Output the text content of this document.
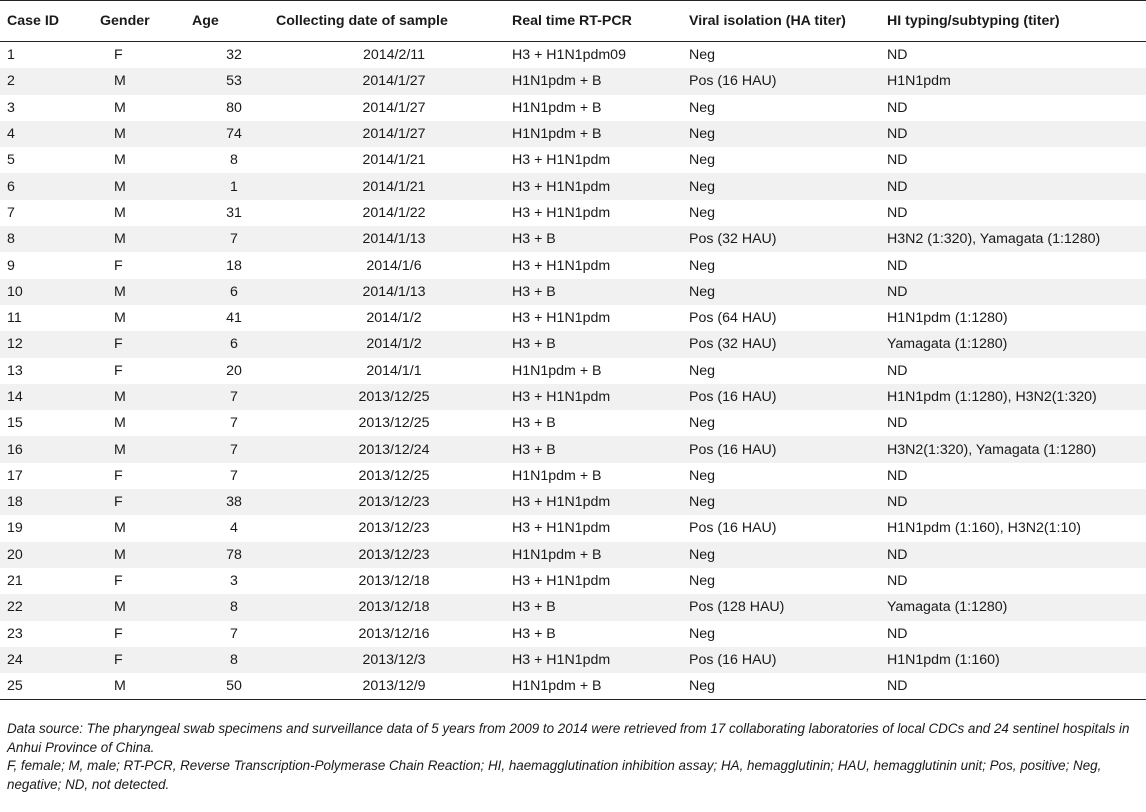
Case ID	Gender	Age	Collecting date of sample	Real time RT-PCR	Viral isolation (HA titer)	HI typing/subtyping (titer)
1	F	32	2014/2/11	H3 + H1N1pdm09	Neg	ND
2	M	53	2014/1/27	H1N1pdm + B	Pos (16 HAU)	H1N1pdm
3	M	80	2014/1/27	H1N1pdm + B	Neg	ND
4	M	74	2014/1/27	H1N1pdm + B	Neg	ND
5	M	8	2014/1/21	H3 + H1N1pdm	Neg	ND
6	M	1	2014/1/21	H3 + H1N1pdm	Neg	ND
7	M	31	2014/1/22	H3 + H1N1pdm	Neg	ND
8	M	7	2014/1/13	H3 + B	Pos (32 HAU)	H3N2 (1:320), Yamagata (1:1280)
9	F	18	2014/1/6	H3 + H1N1pdm	Neg	ND
10	M	6	2014/1/13	H3 + B	Neg	ND
11	M	41	2014/1/2	H3 + H1N1pdm	Pos (64 HAU)	H1N1pdm (1:1280)
12	F	6	2014/1/2	H3 + B	Pos (32 HAU)	Yamagata (1:1280)
13	F	20	2014/1/1	H1N1pdm + B	Neg	ND
14	M	7	2013/12/25	H3 + H1N1pdm	Pos (16 HAU)	H1N1pdm (1:1280), H3N2(1:320)
15	M	7	2013/12/25	H3 + B	Neg	ND
16	M	7	2013/12/24	H3 + B	Pos (16 HAU)	H3N2(1:320), Yamagata (1:1280)
17	F	7	2013/12/25	H1N1pdm + B	Neg	ND
18	F	38	2013/12/23	H3 + H1N1pdm	Neg	ND
19	M	4	2013/12/23	H3 + H1N1pdm	Pos (16 HAU)	H1N1pdm (1:160), H3N2(1:10)
20	M	78	2013/12/23	H1N1pdm + B	Neg	ND
21	F	3	2013/12/18	H3 + H1N1pdm	Neg	ND
22	M	8	2013/12/18	H3 + B	Pos (128 HAU)	Yamagata (1:1280)
23	F	7	2013/12/16	H3 + B	Neg	ND
24	F	8	2013/12/3	H3 + H1N1pdm	Pos (16 HAU)	H1N1pdm (1:160)
25	M	50	2013/12/9	H1N1pdm + B	Neg	ND

Data source: The pharyngeal swab specimens and surveillance data of 5 years from 2009 to 2014 were retrieved from 17 collaborating laboratories of local CDCs and 24 sentinel hospitals in Anhui Province of China.

F, female; M, male; RT-PCR, Reverse Transcription-Polymerase Chain Reaction; HI, haemagglutination inhibition assay; HA, hemagglutinin; HAU, hemagglutinin unit; Pos, positive; Neg, negative; ND, not detected.
